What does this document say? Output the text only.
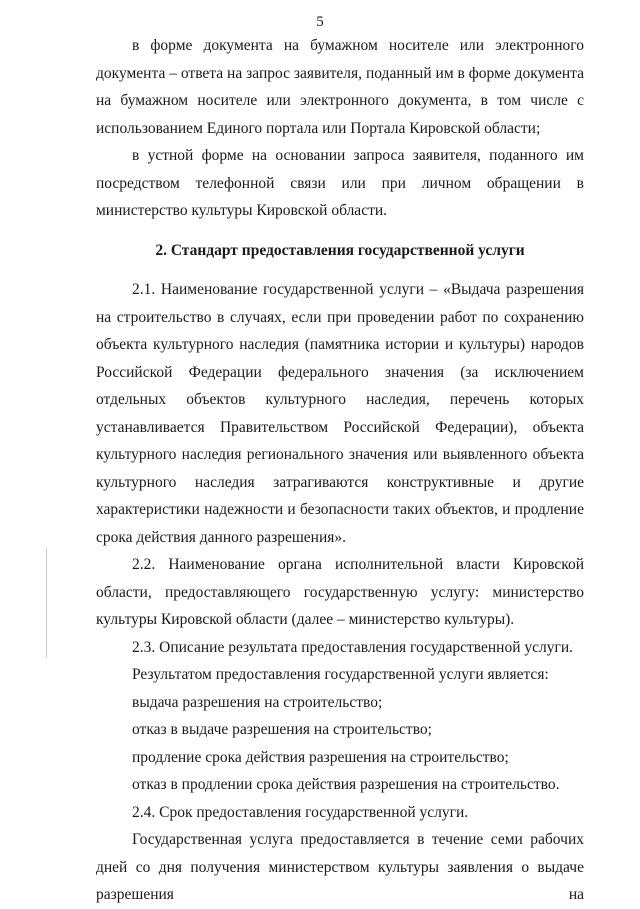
5

в форме документа на бумажном носителе или электронного документа – ответа на запрос заявителя, поданный им в форме документа на бумажном носителе или электронного документа, в том числе с использованием Единого портала или Портала Кировской области;

в устной форме на основании запроса заявителя, поданного им посредством телефонной связи или при личном обращении в министерство культуры Кировской области.

2. Стандарт предоставления государственной услуги

2.1. Наименование государственной услуги – «Выдача разрешения на строительство в случаях, если при проведении работ по сохранению объекта культурного наследия (памятника истории и культуры) народов Российской Федерации федерального значения (за исключением отдельных объектов культурного наследия, перечень которых устанавливается Правительством Российской Федерации), объекта культурного наследия регионального значения или выявленного объекта культурного наследия затрагиваются конструктивные и другие характеристики надежности и безопасности таких объектов, и продление срока действия данного разрешения».

2.2. Наименование органа исполнительной власти Кировской области, предоставляющего государственную услугу: министерство культуры Кировской области (далее – министерство культуры).

2.3. Описание результата предоставления государственной услуги.

Результатом предоставления государственной услуги является:

выдача разрешения на строительство;

отказ в выдаче разрешения на строительство;

продление срока действия разрешения на строительство;

отказ в продлении срока действия разрешения на строительство.

2.4. Срок предоставления государственной услуги.

Государственная услуга предоставляется в течение семи рабочих дней со дня получения министерством культуры заявления о выдаче разрешения на
